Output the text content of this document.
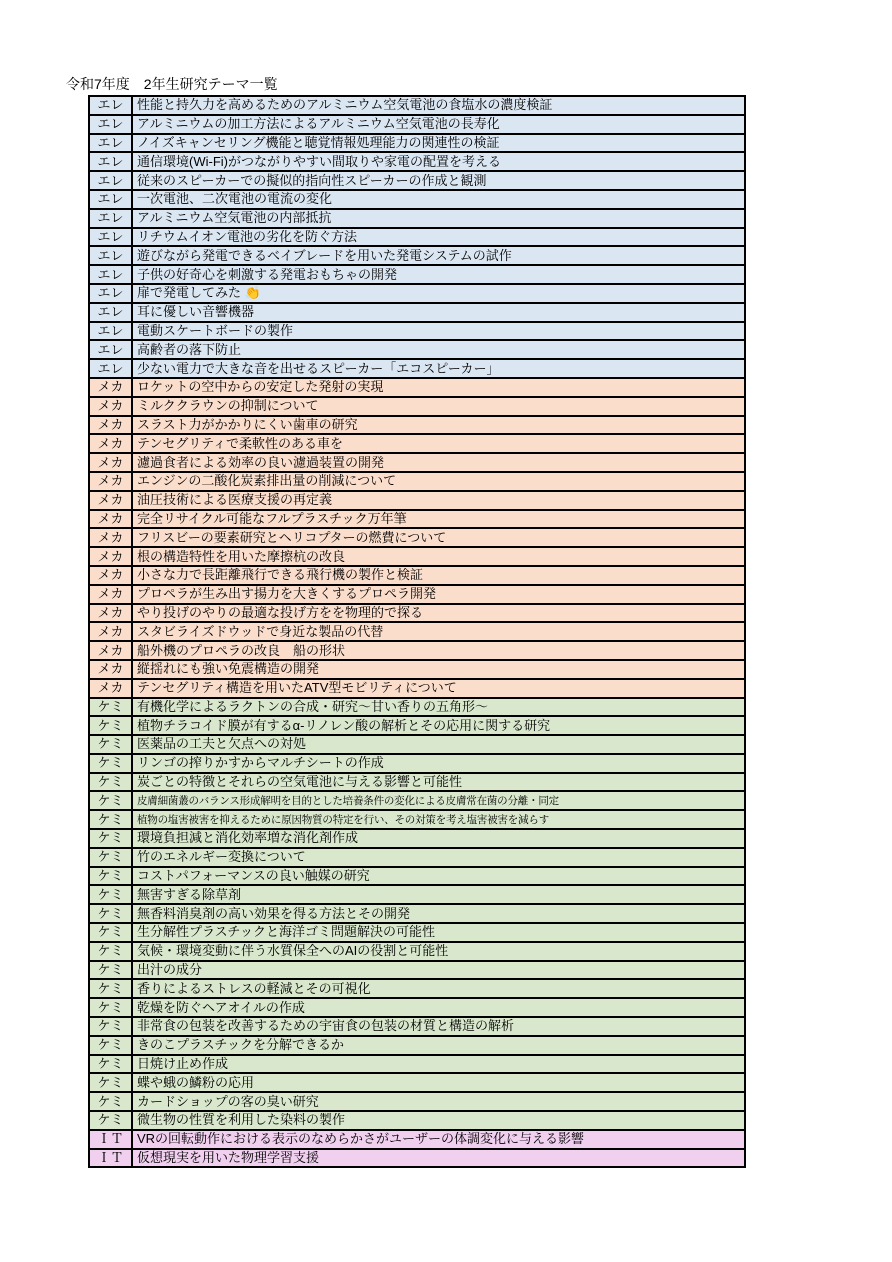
令和7年度　2年生研究テーマ一覧
エレ	性能と持久力を高めるためのアルミニウム空気電池の食塩水の濃度検証
エレ	アルミニウムの加工方法によるアルミニウム空気電池の長寿化
エレ	ノイズキャンセリング機能と聴覚情報処理能力の関連性の検証
エレ	通信環境(Wi-Fi)がつながりやすい間取りや家電の配置を考える
エレ	従来のスピーカーでの擬似的指向性スピーカーの作成と観測
エレ	一次電池、二次電池の電流の変化
エレ	アルミニウム空気電池の内部抵抗
エレ	リチウムイオン電池の劣化を防ぐ方法
エレ	遊びながら発電できるベイブレードを用いた発電システムの試作
エレ	子供の好奇心を刺激する発電おもちゃの開発
エレ	扉で発電してみた 👏
エレ	耳に優しい音響機器
エレ	電動スケートボードの製作
エレ	高齢者の落下防止
エレ	少ない電力で大きな音を出せるスピーカー「エコスピーカー」
メカ	ロケットの空中からの安定した発射の実現
メカ	ミルククラウンの抑制について
メカ	スラスト力がかかりにくい歯車の研究
メカ	テンセグリティで柔軟性のある車を
メカ	濾過食者による効率の良い濾過装置の開発
メカ	エンジンの二酸化炭素排出量の削減について
メカ	油圧技術による医療支援の再定義
メカ	完全リサイクル可能なフルプラスチック万年筆
メカ	フリスビーの要素研究とヘリコプターの燃費について
メカ	根の構造特性を用いた摩擦杭の改良
メカ	小さな力で長距離飛行できる飛行機の製作と検証
メカ	プロペラが生み出す揚力を大きくするプロペラ開発
メカ	やり投げのやりの最適な投げ方をを物理的で探る
メカ	スタビライズドウッドで身近な製品の代替
メカ	船外機のプロペラの改良　船の形状
メカ	縦揺れにも強い免震構造の開発
メカ	テンセグリティ構造を用いたATV型モビリティについて
ケミ	有機化学によるラクトンの合成・研究～甘い香りの五角形～
ケミ	植物チラコイド膜が有するα-リノレン酸の解析とその応用に関する研究
ケミ	医薬品の工夫と欠点への対処
ケミ	リンゴの搾りかすからマルチシートの作成
ケミ	炭ごとの特徴とそれらの空気電池に与える影響と可能性
ケミ	皮膚細菌叢のバランス形成解明を目的とした培養条件の変化による皮膚常在菌の分離・同定
ケミ	植物の塩害被害を抑えるために原因物質の特定を行い、その対策を考え塩害被害を減らす
ケミ	環境負担減と消化効率増な消化剤作成
ケミ	竹のエネルギー変換について
ケミ	コストパフォーマンスの良い触媒の研究
ケミ	無害すぎる除草剤
ケミ	無香料消臭剤の高い効果を得る方法とその開発
ケミ	生分解性プラスチックと海洋ゴミ問題解決の可能性
ケミ	気候・環境変動に伴う水質保全へのAIの役割と可能性
ケミ	出汁の成分
ケミ	香りによるストレスの軽減とその可視化
ケミ	乾燥を防ぐヘアオイルの作成
ケミ	非常食の包装を改善するための宇宙食の包装の材質と構造の解析
ケミ	きのこプラスチックを分解できるか
ケミ	日焼け止め作成
ケミ	蝶や蛾の鱗粉の応用
ケミ	カードショップの客の臭い研究
ケミ	微生物の性質を利用した染料の製作
ＩＴ	VRの回転動作における表示のなめらかさがユーザーの体調変化に与える影響
ＩＴ	仮想現実を用いた物理学習支援
